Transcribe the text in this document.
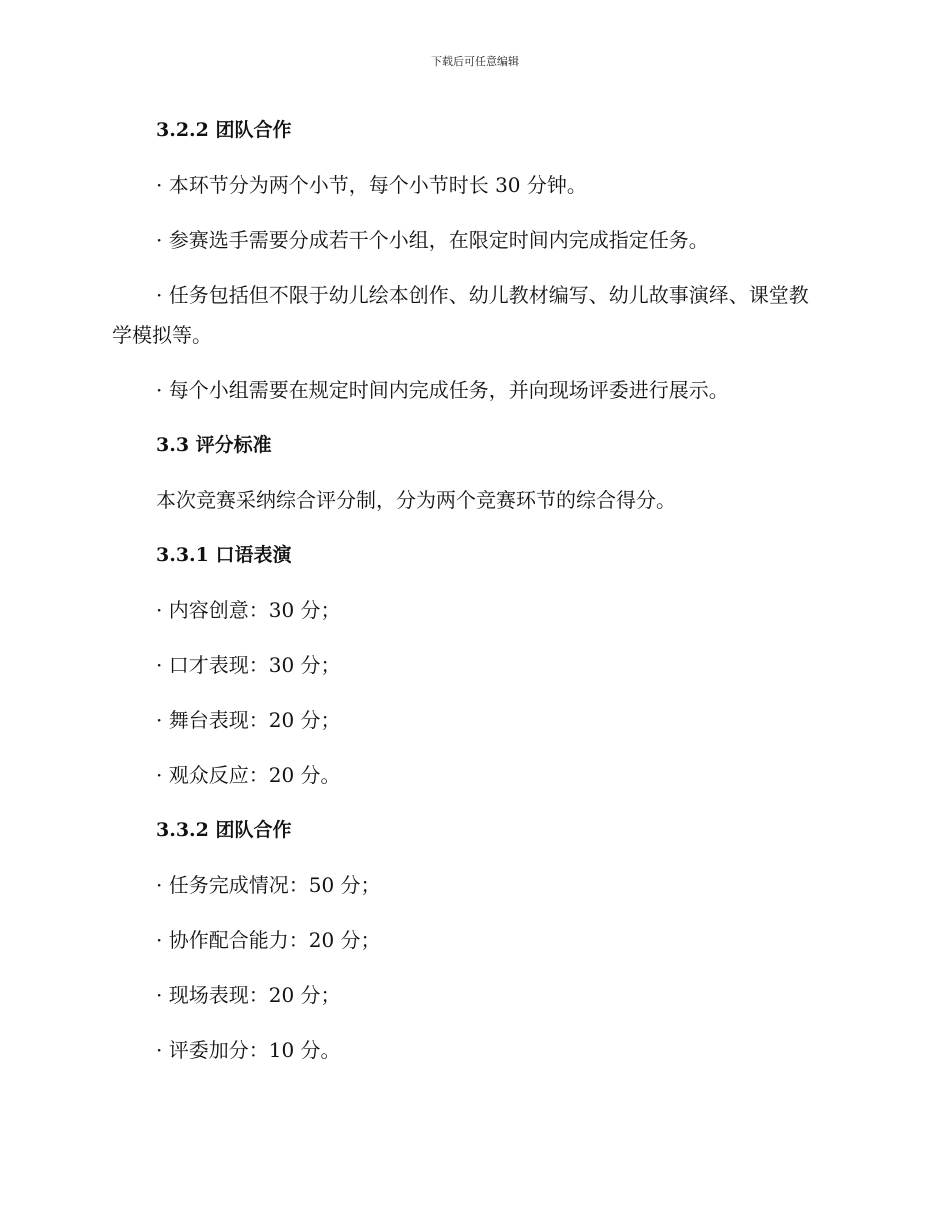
下载后可任意编辑
3.2.2 团队合作
· 本环节分为两个小节，每个小节时长 30 分钟。
· 参赛选手需要分成若干个小组，在限定时间内完成指定任务。
· 任务包括但不限于幼儿绘本创作、幼儿教材编写、幼儿故事演绎、课堂教学模拟等。
· 每个小组需要在规定时间内完成任务，并向现场评委进行展示。
3.3 评分标准
本次竞赛采纳综合评分制，分为两个竞赛环节的综合得分。
3.3.1 口语表演
· 内容创意：30 分；
· 口才表现：30 分；
· 舞台表现：20 分；
· 观众反应：20 分。
3.3.2 团队合作
· 任务完成情况：50 分；
· 协作配合能力：20 分；
· 现场表现：20 分；
· 评委加分：10 分。
